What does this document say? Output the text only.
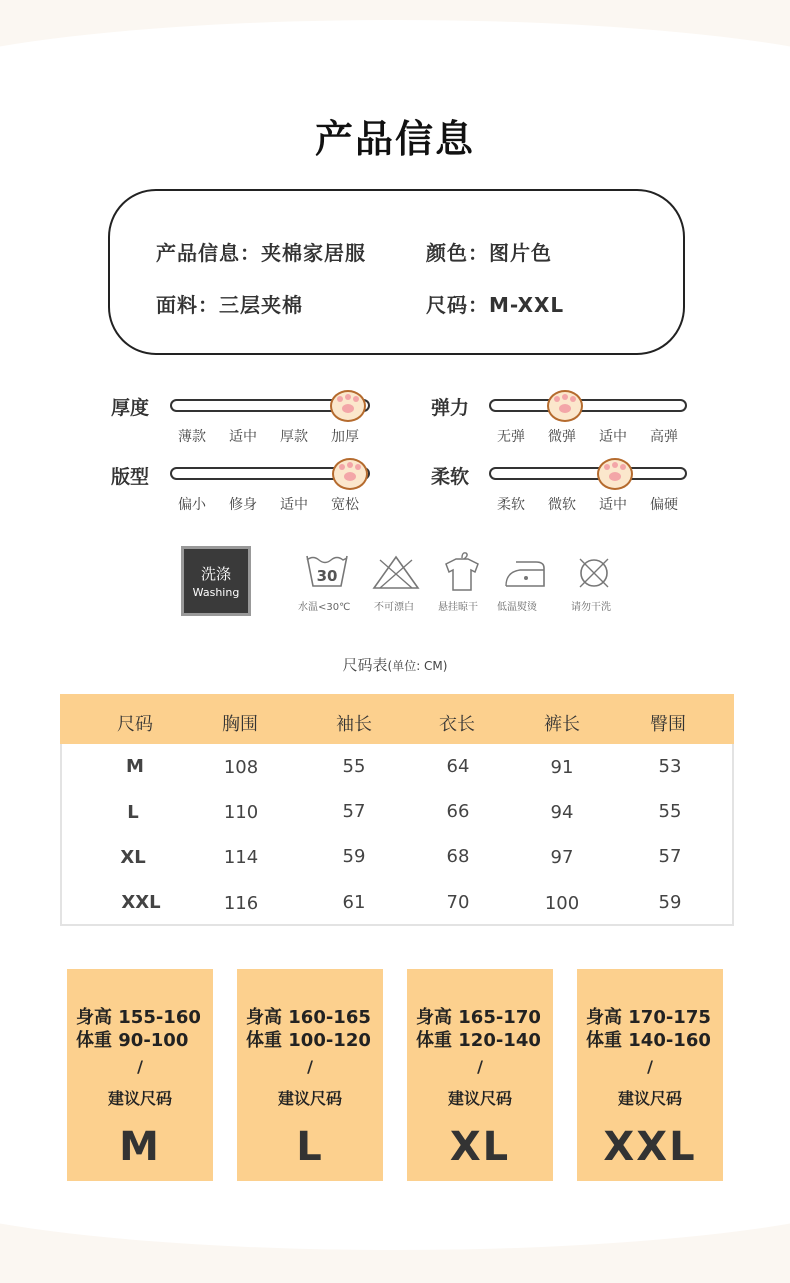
产品信息
产品信息：夹棉家居服	颜色：图片色
面料：三层夹棉	尺码：M-XXL
厚度
薄款 适中 厚款 加厚
弹力
无弹 微弹 适中 高弹
版型
偏小 修身 适中 宽松
柔软
柔软 微软 适中 偏硬
洗涤
Washing
30
水温<30℃ 不可漂白 悬挂晾干 低温熨烫	请勿干洗
尺码表(单位: CM)
尺码	胸围	袖长	衣长	裤长	臀围
M	108	55	64	91	53
L	110	57	66	94	55
XL	114	59	68	97	57
XXL	116	61	70	100	59
身高 155-160
体重 90-100
/
建议尺码
M
身高 160-165
体重 100-120
/
建议尺码
L
身高 165-170
体重 120-140
/
建议尺码
XL
身高 170-175
体重 140-160
/
建议尺码
XXL
